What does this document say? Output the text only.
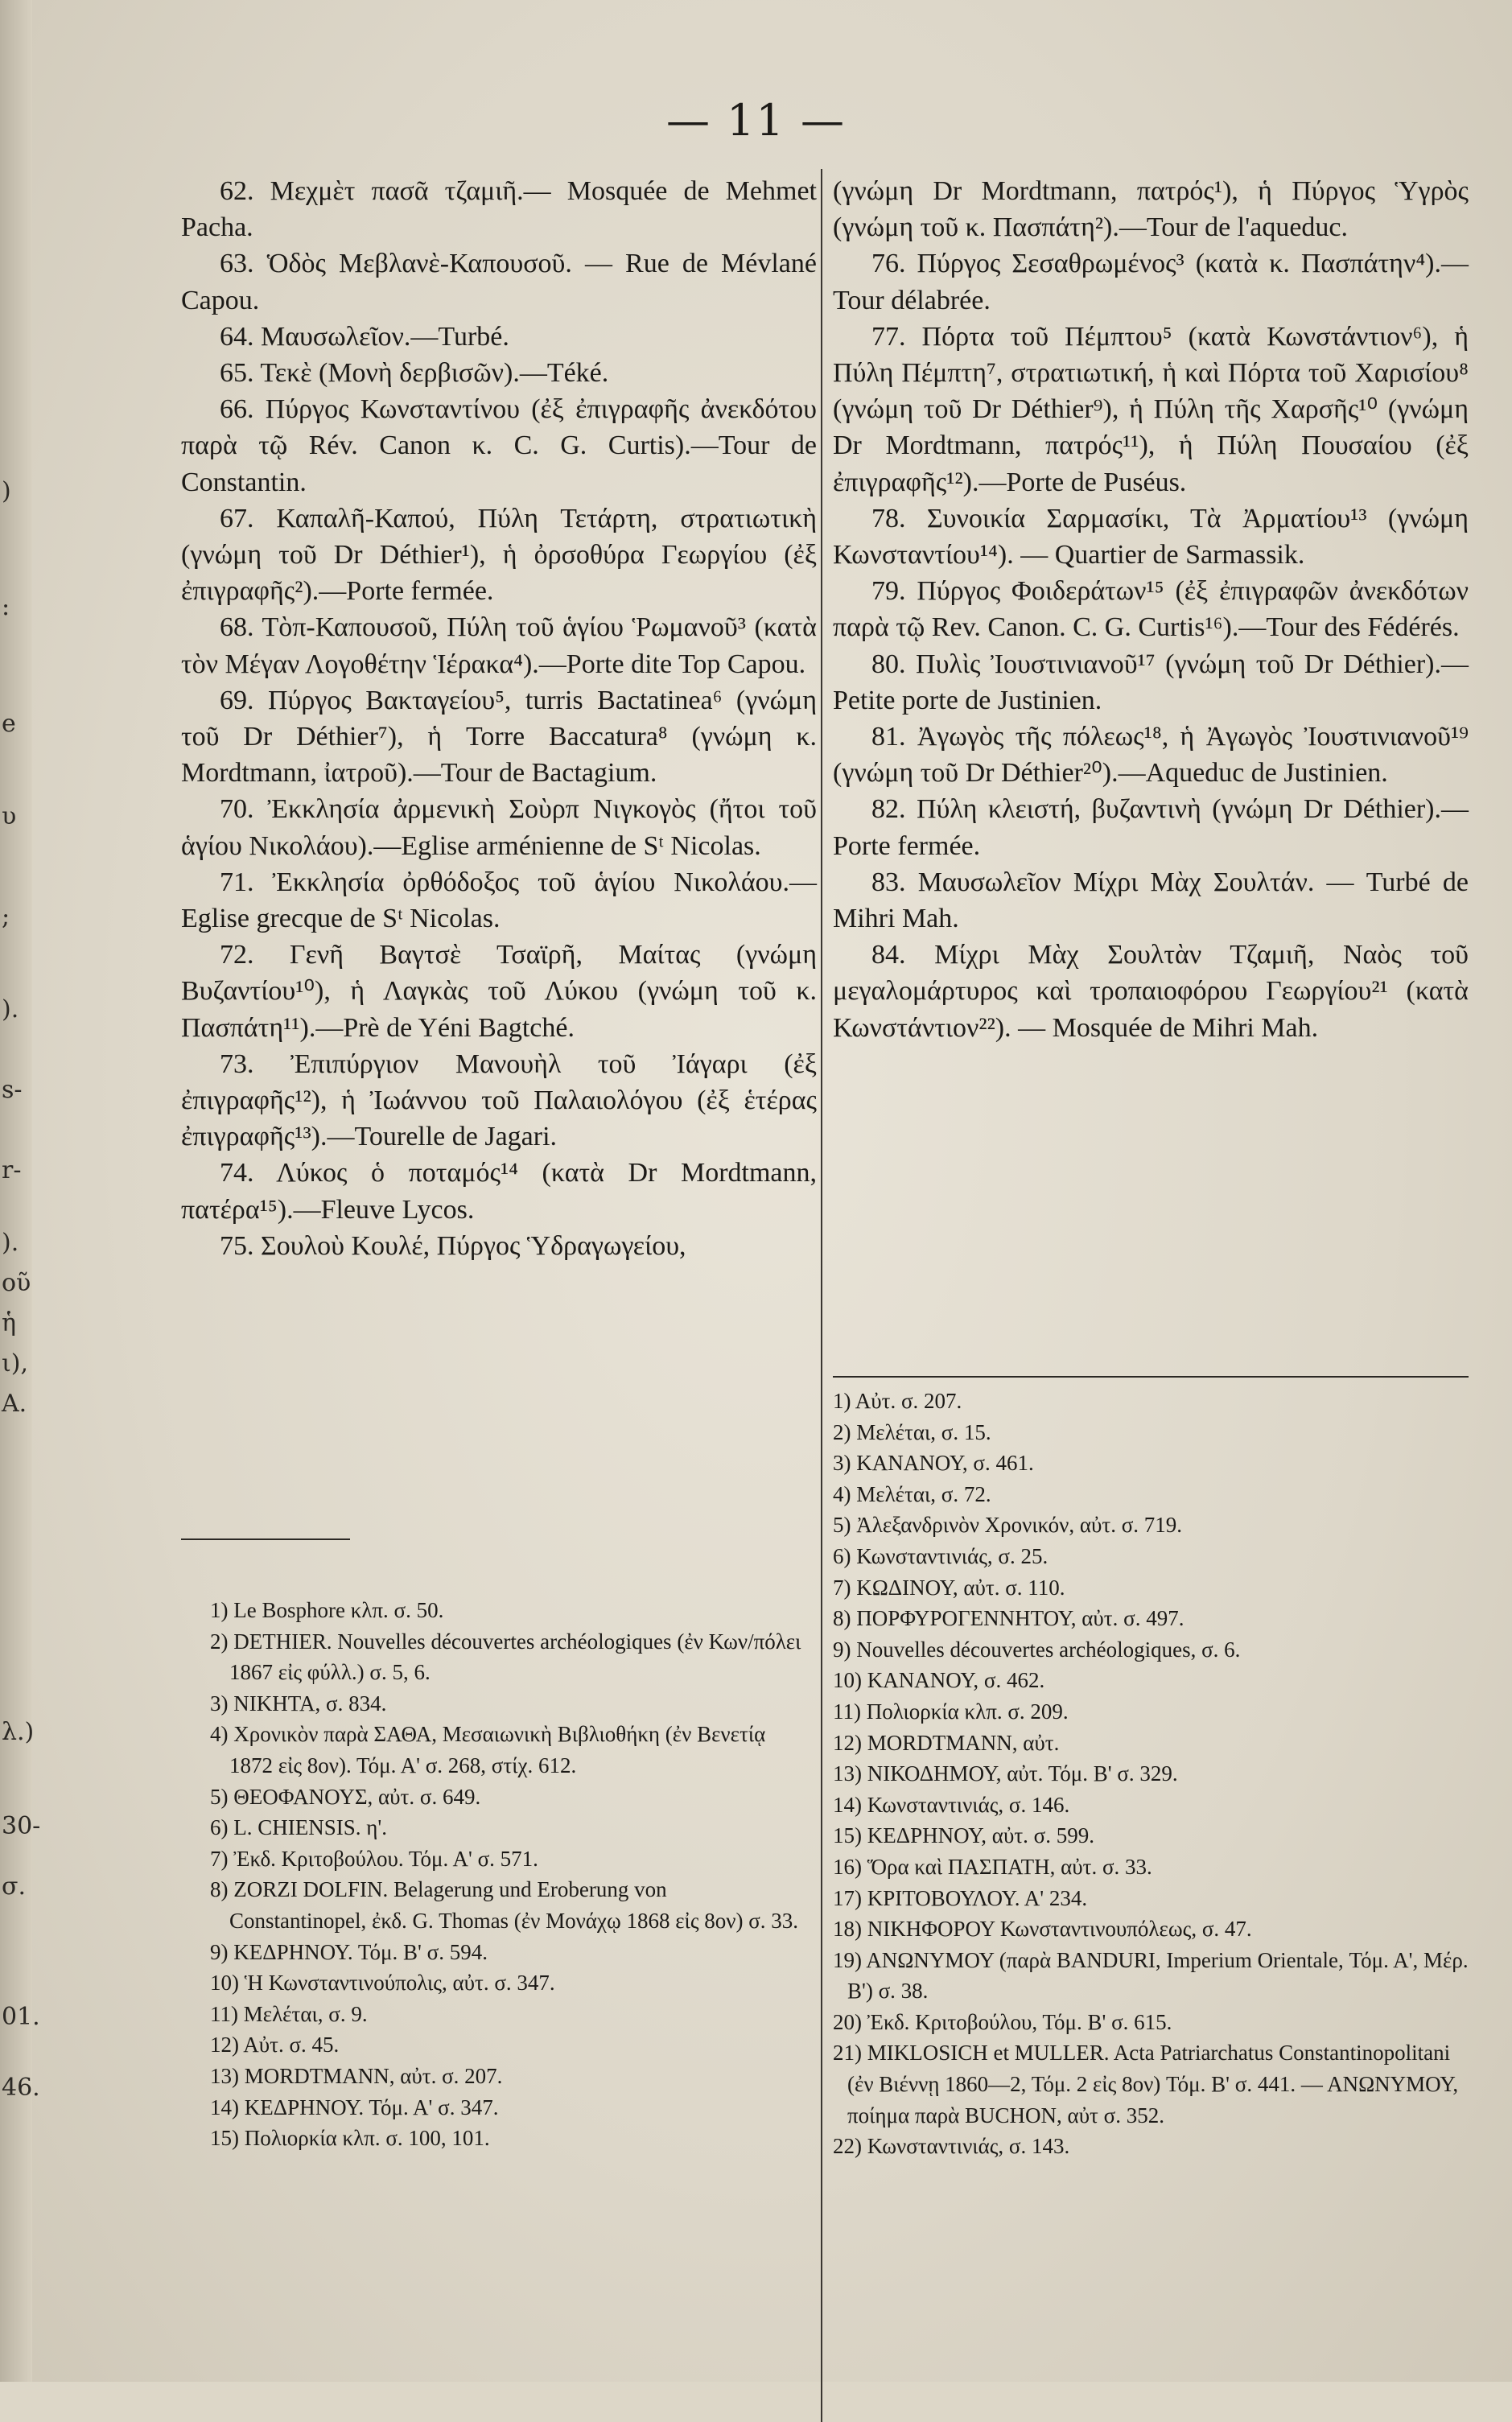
)
:
e
υ
;
).
s-
r-
).
οῦ
ἡ
ι),
A.
λ.)
30-
σ.
01.
46.
— 11 —

62. Μεχμὲτ πασᾶ τζαμιῆ.— Mosquée de Mehmet Pacha.

63. Ὁδὸς Μεβλανὲ-Καπουσοῦ. — Rue de Mévlané Capou.

64. Μαυσωλεῖον.—Turbé.

65. Τεκὲ (Μονὴ δερβισῶν).—Téké.

66. Πύργος Κωνσταντίνου (ἐξ ἐπιγραφῆς ἀνεκδότου παρὰ τῷ Rév. Canon κ. C. G. Curtis).—Tour de Constantin.

67. Καπαλῆ-Καπού, Πύλη Τετάρτη, στρατιωτικὴ (γνώμη τοῦ Dr Déthier¹), ἡ ὀρσοθύρα Γεωργίου (ἐξ ἐπιγραφῆς²).—Porte fermée.

68. Τὸπ-Καπουσοῦ, Πύλη τοῦ ἁγίου Ῥωμανοῦ³ (κατὰ τὸν Μέγαν Λογοθέτην Ἱέρακα⁴).—Porte dite Top Capou.

69. Πύργος Βακταγείου⁵, turris Bactatinea⁶ (γνώμη τοῦ Dr Déthier⁷), ἡ Torre Baccatura⁸ (γνώμη κ. Mordtmann, ἰατροῦ).—Tour de Bactagium.

70. Ἐκκλησία ἀρμενικὴ Σοὺρπ Νιγκογὸς (ἤτοι τοῦ ἁγίου Νικολάου).—Eglise arménienne de Sᵗ Nicolas.

71. Ἐκκλησία ὀρθόδοξος τοῦ ἁγίου Νικολάου.—Eglise grecque de Sᵗ Nicolas.

72. Γενῆ Βαγτσὲ Τσαϊρῆ, Μαίτας (γνώμη Βυζαντίου¹⁰), ἡ Λαγκὰς τοῦ Λύκου (γνώμη τοῦ κ. Πασπάτη¹¹).—Prè de Yéni Bagtché.

73. Ἐπιπύργιον Μανουὴλ τοῦ Ἰάγαρι (ἐξ ἐπιγραφῆς¹²), ἡ Ἰωάννου τοῦ Παλαιολόγου (ἐξ ἑτέρας ἐπιγραφῆς¹³).—Tourelle de Jagari.

74. Λύκος ὁ ποταμός¹⁴ (κατὰ Dr Mordtmann, πατέρα¹⁵).—Fleuve Lycos.

75. Σουλοὺ Κουλέ, Πύργος Ὑδραγωγείου,

(γνώμη Dr Mordtmann, πατρός¹), ἡ Πύργος Ὑγρὸς (γνώμη τοῦ κ. Πασπάτη²).—Tour de l'aqueduc.

76. Πύργος Σεσαθρωμένος³ (κατὰ κ. Πασπάτην⁴).—Tour délabrée.

77. Πόρτα τοῦ Πέμπτου⁵ (κατὰ Κωνστάντιον⁶), ἡ Πύλη Πέμπτη⁷, στρατιωτική, ἡ καὶ Πόρτα τοῦ Χαρισίου⁸ (γνώμη τοῦ Dr Déthier⁹), ἡ Πύλη τῆς Χαρσῆς¹⁰ (γνώμη Dr Mordtmann, πατρός¹¹), ἡ Πύλη Πουσαίου (ἐξ ἐπιγραφῆς¹²).—Porte de Puséus.

78. Συνοικία Σαρμασίκι, Τὰ Ἀρματίου¹³ (γνώμη Κωνσταντίου¹⁴). — Quartier de Sarmassik.

79. Πύργος Φοιδεράτων¹⁵ (ἐξ ἐπιγραφῶν ἀνεκδότων παρὰ τῷ Rev. Canon. C. G. Curtis¹⁶).—Tour des Fédérés.

80. Πυλὶς Ἰουστινιανοῦ¹⁷ (γνώμη τοῦ Dr Déthier).—Petite porte de Justinien.

81. Ἀγωγὸς τῆς πόλεως¹⁸, ἡ Ἀγωγὸς Ἰουστινιανοῦ¹⁹ (γνώμη τοῦ Dr Déthier²⁰).—Aqueduc de Justinien.

82. Πύλη κλειστή, βυζαντινὴ (γνώμη Dr Déthier).—Porte fermée.

83. Μαυσωλεῖον Μίχρι Μὰχ Σουλτάν. — Turbé de Mihri Mah.

84. Μίχρι Μὰχ Σουλτὰν Τζαμιῆ, Ναὸς τοῦ μεγαλομάρτυρος καὶ τροπαιοφόρου Γεωργίου²¹ (κατὰ Κωνστάντιον²²). — Mosquée de Mihri Mah.

1) Le Bosphore κλπ. σ. 50.

2) DETHIER. Nouvelles découvertes archéologiques (ἐν Κων/πόλει 1867 εἰς φύλλ.) σ. 5, 6.

3) ΝΙΚΗΤΑ, σ. 834.

4) Χρονικὸν παρὰ ΣΑΘΑ, Μεσαιωνικὴ Βιβλιοθήκη (ἐν Βενετίᾳ 1872 εἰς 8ον). Τόμ. Α' σ. 268, στίχ. 612.

5) ΘΕΟΦΑΝΟΥΣ, αὐτ. σ. 649.

6) L. CHIENSIS. η'.

7) Ἐκδ. Κριτοβούλου. Τόμ. Α' σ. 571.

8) ZORZI DOLFIN. Belagerung und Eroberung von Constantinopel, ἐκδ. G. Thomas (ἐν Μονάχῳ 1868 εἰς 8ον) σ. 33.

9) ΚΕΔΡΗΝΟΥ. Τόμ. Β' σ. 594.

10) Ἡ Κωνσταντινούπολις, αὐτ. σ. 347.

11) Μελέται, σ. 9.

12) Αὐτ. σ. 45.

13) MORDTMANN, αὐτ. σ. 207.

14) ΚΕΔΡΗΝΟΥ. Τόμ. Α' σ. 347.

15) Πολιορκία κλπ. σ. 100, 101.

1) Αὐτ. σ. 207.

2) Μελέται, σ. 15.

3) ΚΑΝΑΝΟΥ, σ. 461.

4) Μελέται, σ. 72.

5) Ἀλεξανδρινὸν Χρονικόν, αὐτ. σ. 719.

6) Κωνσταντινιάς, σ. 25.

7) ΚΩΔΙΝΟΥ, αὐτ. σ. 110.

8) ΠΟΡΦΥΡΟΓΕΝΝΗΤΟΥ, αὐτ. σ. 497.

9) Nouvelles découvertes archéologiques, σ. 6.

10) ΚΑΝΑΝΟΥ, σ. 462.

11) Πολιορκία κλπ. σ. 209.

12) MORDTMANN, αὐτ.

13) ΝΙΚΟΔΗΜΟΥ, αὐτ. Τόμ. Β' σ. 329.

14) Κωνσταντινιάς, σ. 146.

15) ΚΕΔΡΗΝΟΥ, αὐτ. σ. 599.

16) Ὅρα καὶ ΠΑΣΠΑΤΗ, αὐτ. σ. 33.

17) ΚΡΙΤΟΒΟΥΛΟΥ. Α' 234.

18) ΝΙΚΗΦΟΡΟΥ Κωνσταντινουπόλεως, σ. 47.

19) ΑΝΩΝΥΜΟΥ (παρὰ BANDURI, Imperium Orientale, Τόμ. Α', Μέρ. Β') σ. 38.

20) Ἐκδ. Κριτοβούλου, Τόμ. Β' σ. 615.

21) MIKLOSICH et MULLER. Acta Patriarchatus Constantinopolitani (ἐν Βιέννῃ 1860—2, Τόμ. 2 εἰς 8ον) Τόμ. Β' σ. 441. — ΑΝΩΝΥΜΟΥ, ποίημα παρὰ BUCHON, αὐτ σ. 352.

22) Κωνσταντινιάς, σ. 143.
